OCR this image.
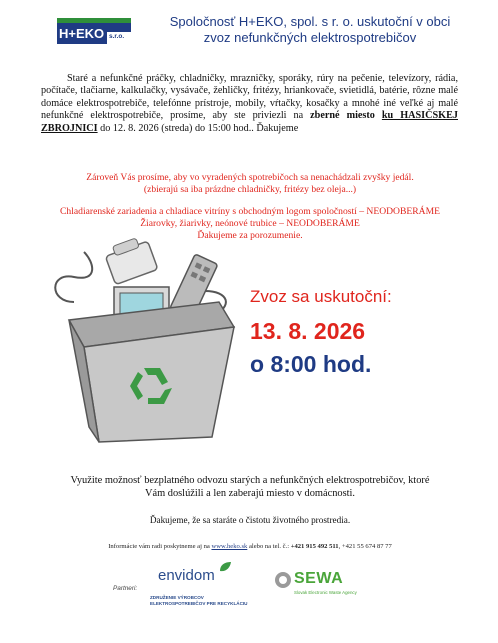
H+EKO s.r.o.
Spoločnosť H+EKO, spol. s r. o. uskutoční v obci
zvoz nefunkčných elektrospotrebičov
Staré a nefunkčné práčky, chladničky, mrazničky, sporáky, rúry na pečenie, televízory, rádia, počítače, tlačiarne, kalkulačky, vysávače, žehličky, fritézy, hriankovače, svietidlá, batérie, rôzne malé domáce elektrospotrebiče, telefónne prístroje, mobily, vŕtačky, kosačky a mnohé iné veľké aj malé nefunkčné elektrospotrebiče, prosíme, aby ste priviezli na zberné miesto ku HASIČSKEJ ZBROJNICI do 12. 8. 2026 (streda) do 15:00 hod.. Ďakujeme
Zároveň Vás prosíme, aby vo vyradených spotrebičoch sa nenachádzali zvyšky jedál.
(zbierajú sa iba prázdne chladničky, fritézy bez oleja...)
Chladiarenské zariadenia a chladiace vitríny s obchodným logom spoločností – NEODOBERÁME
Žiarovky, žiarivky, neónové trubice – NEODOBERÁME
Ďakujeme za porozumenie.
Zvoz sa uskutoční:
13. 8. 2026
o 8:00 hod.
Využite možnosť bezplatného odvozu starých a nefunkčných elektrospotrebičov, ktoré
Vám doslúžili a len zaberajú miesto v domácnosti.
Ďakujeme, že sa staráte o čistotu životného prostredia.
Informácie vám radi poskytneme aj na www.heko.sk alebo na tel. č.: +421 915 492 511, +421 55 674 87 77
Partneri:
envidom
ZDRUŽENIE VÝROBCOV
ELEKTROSPOTREBIČOV PRE RECYKLÁCIU
SEWA
Slovak Electronic Waste Agency
